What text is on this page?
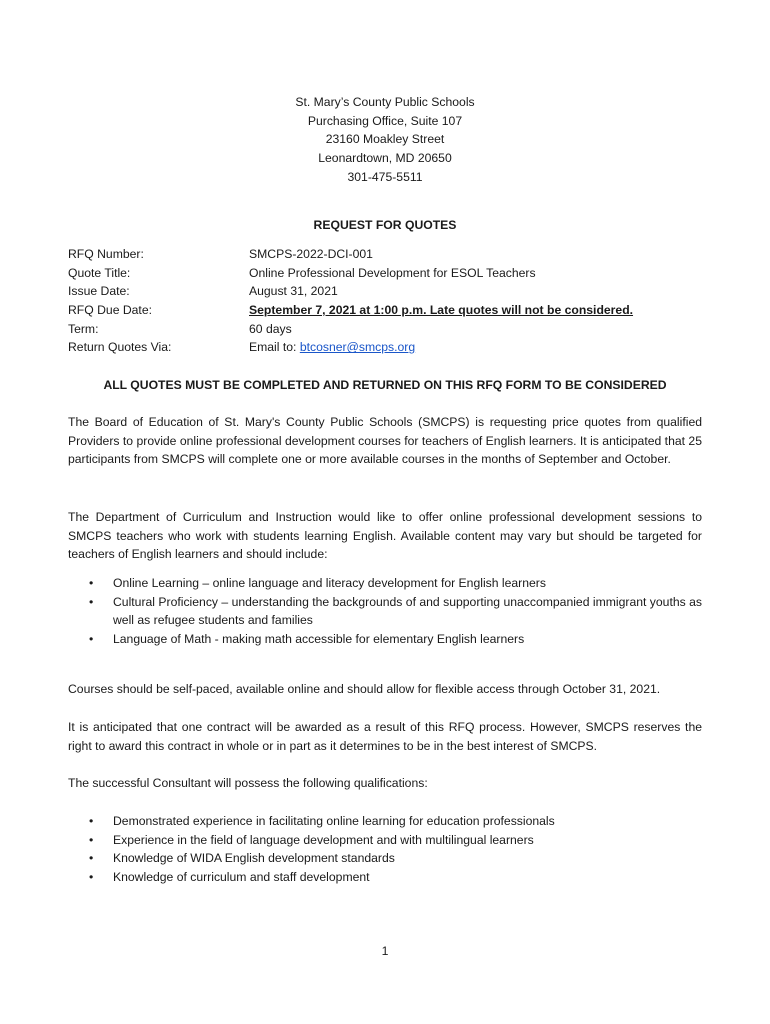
St. Mary’s County Public Schools
Purchasing Office, Suite 107
23160 Moakley Street
Leonardtown, MD 20650
301-475-5511
REQUEST FOR QUOTES
RFQ Number:	SMCPS-2022-DCI-001
Quote Title:	Online Professional Development for ESOL Teachers
Issue Date:	August 31, 2021
RFQ Due Date:	September 7, 2021 at 1:00 p.m. Late quotes will not be considered.
Term:	60 days
Return Quotes Via:	Email to: btcosner@smcps.org
ALL QUOTES MUST BE COMPLETED AND RETURNED ON THIS RFQ FORM TO BE CONSIDERED
The Board of Education of St. Mary's County Public Schools (SMCPS) is requesting price quotes from qualified Providers to provide online professional development courses for teachers of English learners. It is anticipated that 25 participants from SMCPS will complete one or more available courses in the months of September and October.
The Department of Curriculum and Instruction would like to offer online professional development sessions to SMCPS teachers who work with students learning English. Available content may vary but should be targeted for teachers of English learners and should include:
• Online Learning – online language and literacy development for English learners
• Cultural Proficiency – understanding the backgrounds of and supporting unaccompanied immigrant youths as well as refugee students and families
• Language of Math - making math accessible for elementary English learners
Courses should be self-paced, available online and should allow for flexible access through October 31, 2021.
It is anticipated that one contract will be awarded as a result of this RFQ process. However, SMCPS reserves the right to award this contract in whole or in part as it determines to be in the best interest of SMCPS.
The successful Consultant will possess the following qualifications:
• Demonstrated experience in facilitating online learning for education professionals
• Experience in the field of language development and with multilingual learners
• Knowledge of WIDA English development standards
• Knowledge of curriculum and staff development
1
